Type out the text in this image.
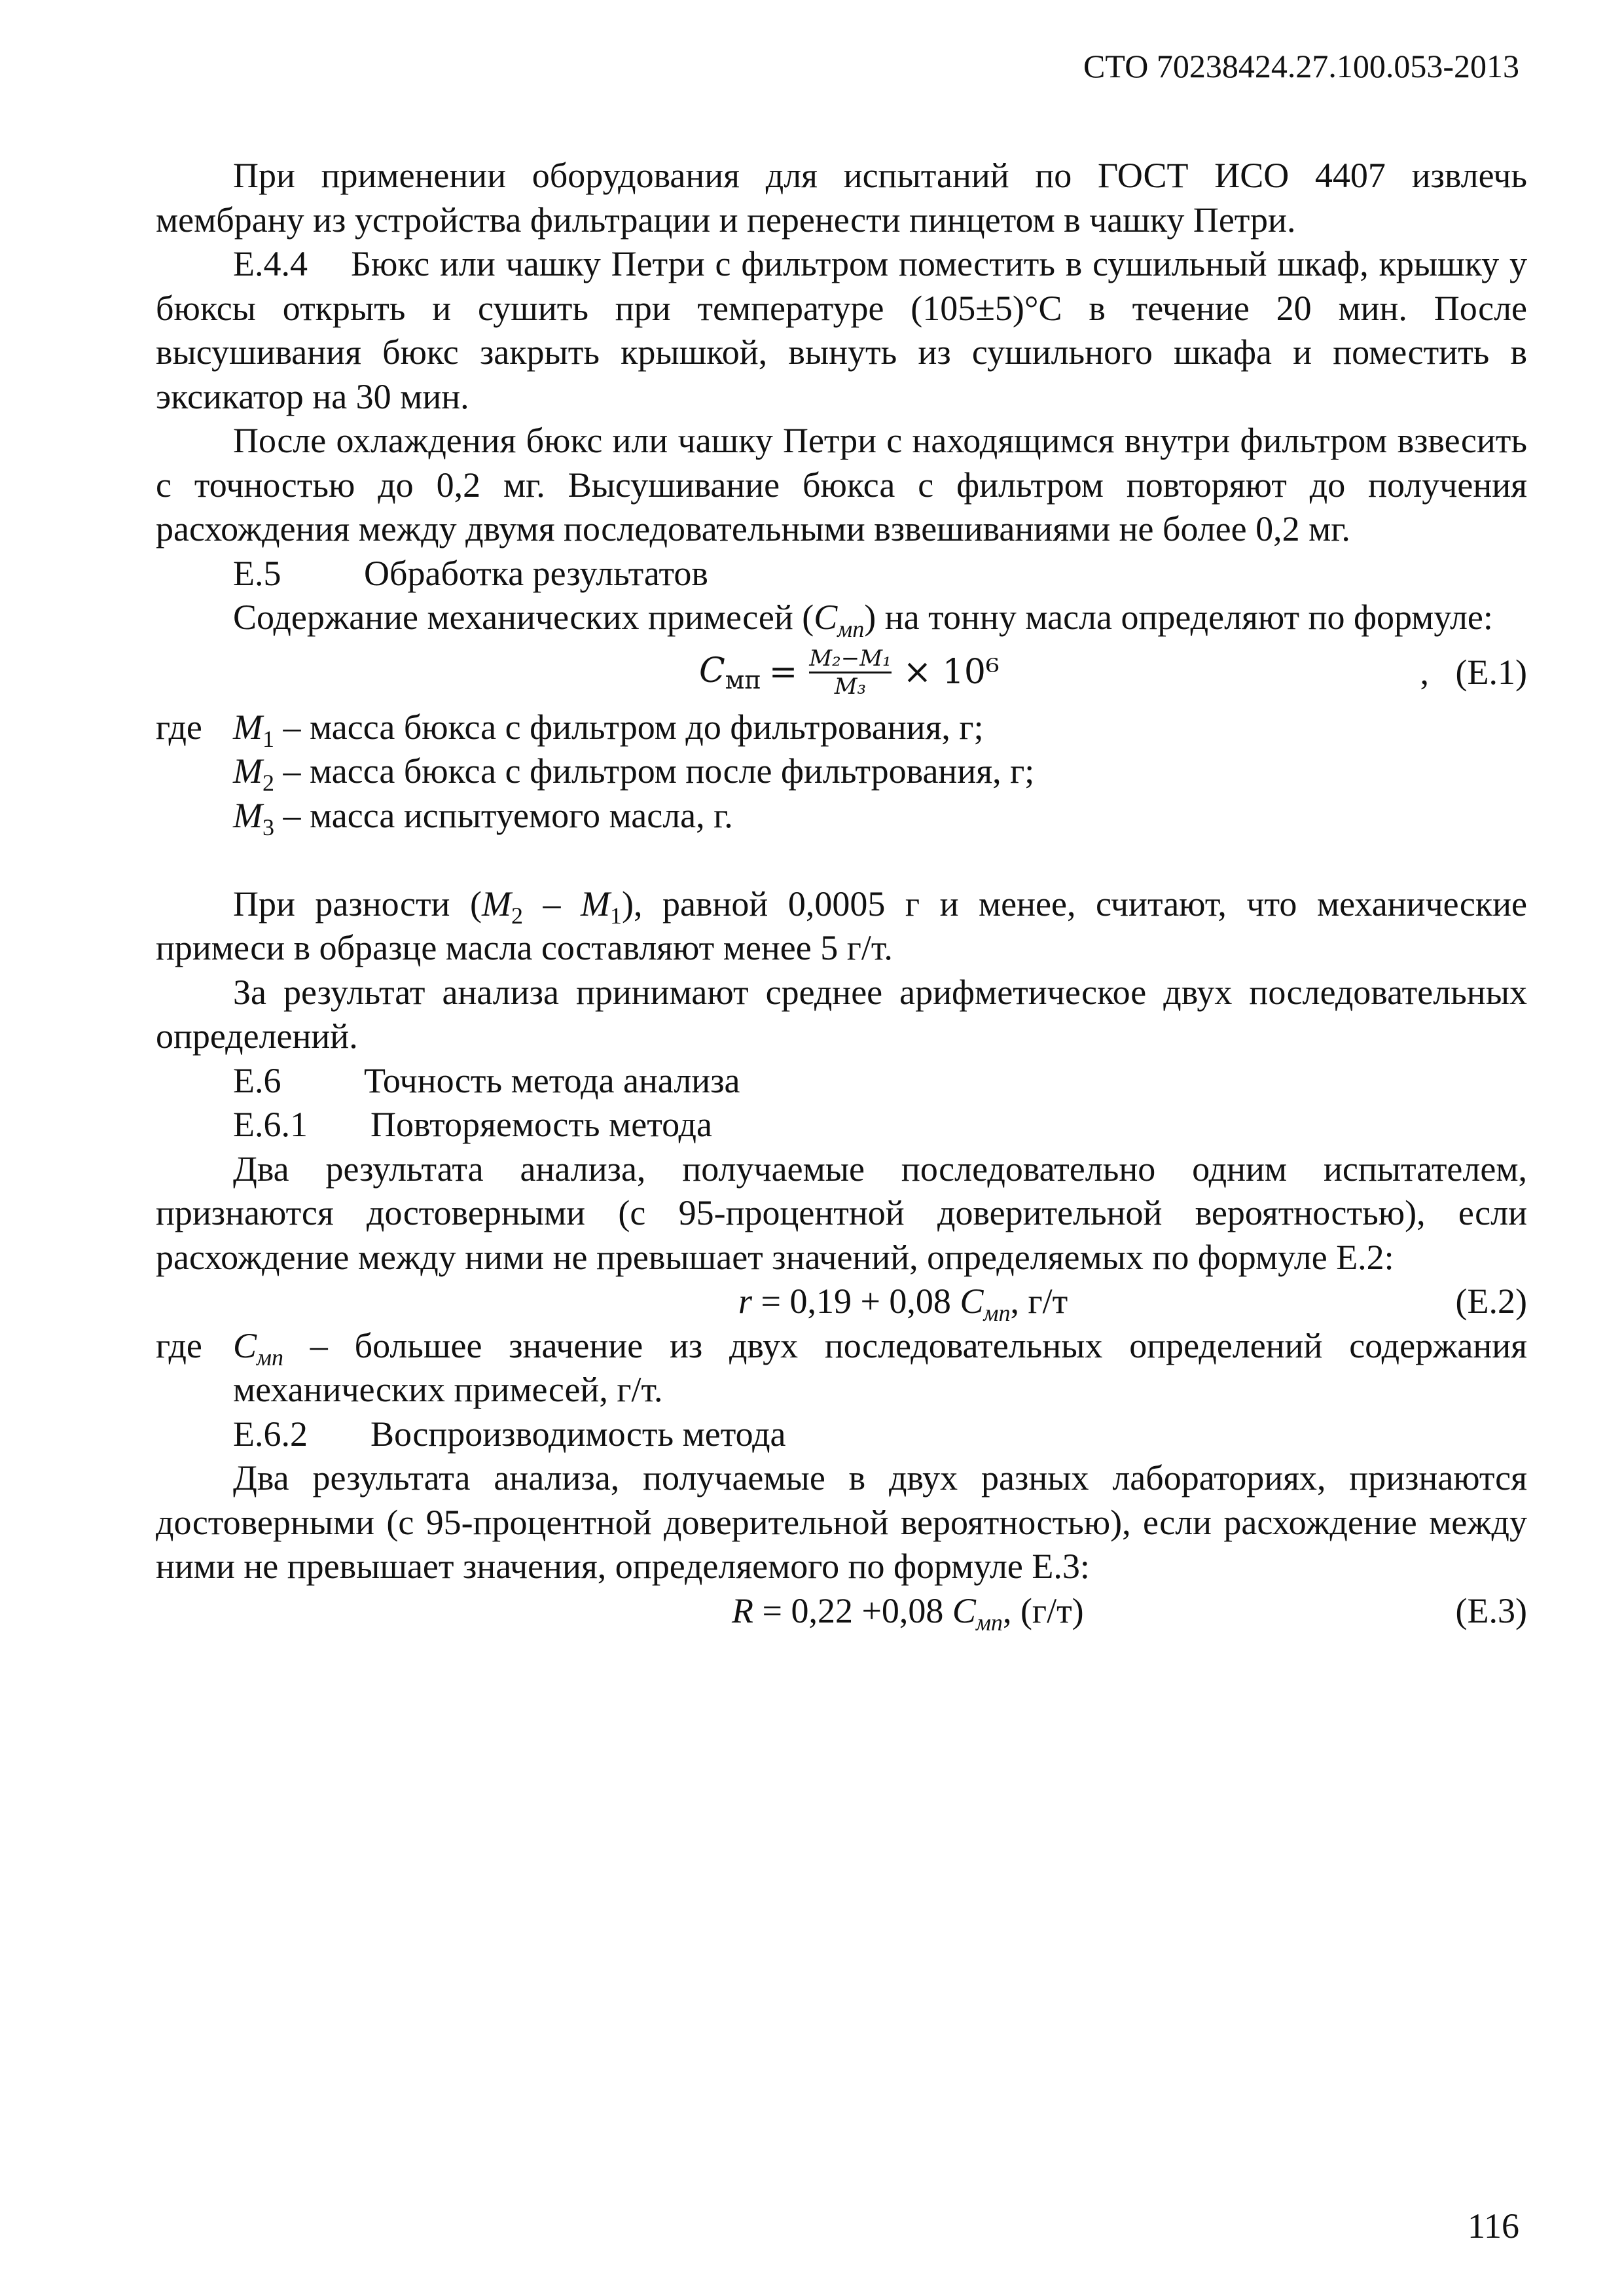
СТО 70238424.27.100.053-2013

При применении оборудования для испытаний по ГОСТ ИСО 4407 извлечь мембрану из устройства фильтрации и перенести пинцетом в чашку Петри.

Е.4.4 Бюкс или чашку Петри с фильтром поместить в сушильный шкаф, крышку у бюксы открыть и сушить при температуре (105±5)°С в течение 20 мин. После высушивания бюкс закрыть крышкой, вынуть из сушильного шкафа и поместить в эксикатор на 30 мин.

После охлаждения бюкс или чашку Петри с находящимся внутри фильтром взвесить с точностью до 0,2 мг. Высушивание бюкса с фильтром повторяют до получения расхождения между двумя последовательными взвешиваниями не более 0,2 мг.

Е.5 Обработка результатов

Содержание механических примесей $(С_{мп})$ на тонну масла определяют по формуле:

Смп = $\frac{\text{M₂−M₁}}{\text{M₃}} \times 10^6$	, (Е.1)
где $M_1$ – масса бюкса с фильтром до фильтрования, г;
$M_2$ – масса бюкса с фильтром после фильтрования, г;
$M_3$ – масса испытуемого масла, г.

При разности $(M_2 - M_1)$, равной 0,0005 г и менее, считают, что механические примеси в образце масла составляют менее 5 г/т.

За результат анализа принимают среднее арифметическое двух последовательных определений.

Е.6 Точность метода анализа

Е.6.1 Повторяемость метода

Два результата анализа, получаемые последовательно одним испытателем, признаются достоверными (с 95-процентной доверительной вероятностью), если расхождение между ними не превышает значений, определяемых по формуле Е.2:

r = 0,19 + 0,08 $С_{мп}$, г/т	(Е.2)
где $С_{мп}$ – большее значение из двух последовательных определений содержания механических примесей, г/т.

Е.6.2 Воспроизводимость метода

Два результата анализа, получаемые в двух разных лабораториях, признаются достоверными (с 95-процентной доверительной вероятностью), если расхождение между ними не превышает значения, определяемого по формуле Е.3:

R = 0,22 +0,08 $С_{мп}$, (г/т)	(Е.3)
116
